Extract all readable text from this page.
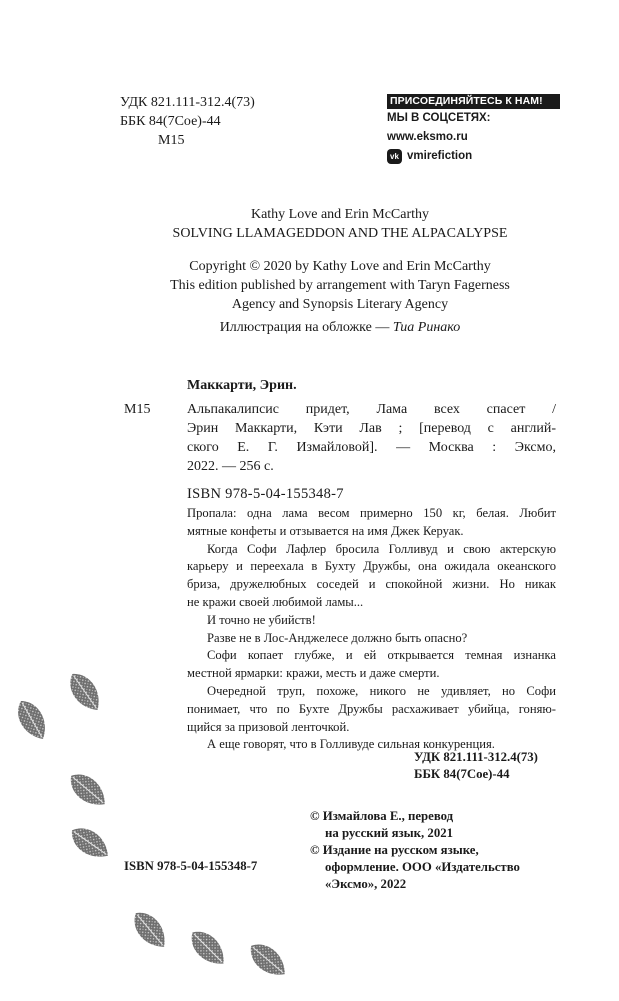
УДК 821.111-312.4(73)
ББК 84(7Сое)-44
М15
ПРИСОЕДИНЯЙТЕСЬ К НАМ!
МЫ В СОЦСЕТЯХ:
www.eksmo.ru
vk vmirefiction
Kathy Love and Erin McCarthy
SOLVING LLAMAGEDDON AND THE ALPACALYPSE
Copyright © 2020 by Kathy Love and Erin McCarthy
This edition published by arrangement with Taryn Fagerness
Agency and Synopsis Literary Agency
Иллюстрация на обложке — Тиа Ринако
Маккарти, Эрин.
М15	Альпакалипсис придет, Лама всех спасет /
Эрин Маккарти, Кэти Лав ; [перевод с англий-
ского Е. Г. Измайловой]. — Москва : Эксмо,
2022. — 256 с.
ISBN 978-5-04-155348-7
Пропала: одна лама весом примерно 150 кг, белая. Любит
мятные конфеты и отзывается на имя Джек Керуак.
Когда Софи Лафлер бросила Голливуд и свою актерскую
карьеру и переехала в Бухту Дружбы, она ожидала океанского
бриза, дружелюбных соседей и спокойной жизни. Но никак
не кражи своей любимой ламы...
И точно не убийств!
Разве не в Лос-Анджелесе должно быть опасно?
Софи копает глубже, и ей открывается темная изнанка
местной ярмарки: кражи, месть и даже смерти.
Очередной труп, похоже, никого не удивляет, но Софи
понимает, что по Бухте Дружбы расхаживает убийца, гоняю-
щийся за призовой ленточкой.
А еще говорят, что в Голливуде сильная конкуренция.
УДК 821.111-312.4(73)
ББК 84(7Сое)-44
© Измайлова Е., перевод
на русский язык, 2021
© Издание на русском языке,
оформление. ООО «Издательство
«Эксмо», 2022
ISBN 978-5-04-155348-7
